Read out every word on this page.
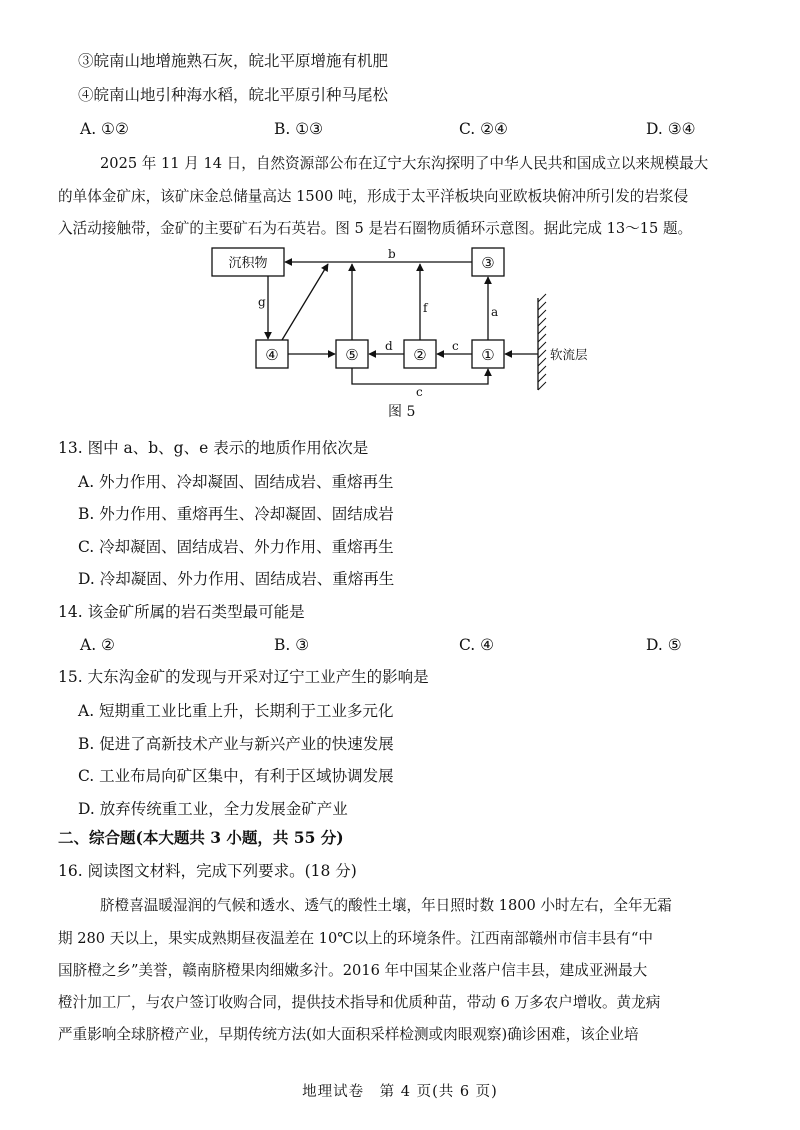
③皖南山地增施熟石灰，皖北平原增施有机肥
④皖南山地引种海水稻，皖北平原引种马尾松
A. ①②	B. ①③	C. ②④	D. ③④
2025 年 11 月 14 日，自然资源部公布在辽宁大东沟探明了中华人民共和国成立以来规模最大
的单体金矿床，该矿床金总储量高达 1500 吨，形成于太平洋板块向亚欧板块俯冲所引发的岩浆侵
入活动接触带，金矿的主要矿石为石英岩。图 5 是岩石圈物质循环示意图。据此完成 13～15 题。
沉积物	③
④	⑤	②	①
b
g	f	a
d	c
c
软流层
图 5
13. 图中 a、b、g、e 表示的地质作用依次是
A. 外力作用、冷却凝固、固结成岩、重熔再生
B. 外力作用、重熔再生、冷却凝固、固结成岩
C. 冷却凝固、固结成岩、外力作用、重熔再生
D. 冷却凝固、外力作用、固结成岩、重熔再生
14. 该金矿所属的岩石类型最可能是
A. ②	B. ③	C. ④	D. ⑤
15. 大东沟金矿的发现与开采对辽宁工业产生的影响是
A. 短期重工业比重上升，长期利于工业多元化
B. 促进了高新技术产业与新兴产业的快速发展
C. 工业布局向矿区集中，有利于区域协调发展
D. 放弃传统重工业，全力发展金矿产业
二、综合题(本大题共 3 小题，共 55 分)
16. 阅读图文材料，完成下列要求。(18 分)
脐橙喜温暖湿润的气候和透水、透气的酸性土壤，年日照时数 1800 小时左右，全年无霜
期 280 天以上，果实成熟期昼夜温差在 10℃以上的环境条件。江西南部赣州市信丰县有“中
国脐橙之乡”美誉，赣南脐橙果肉细嫩多汁。2016 年中国某企业落户信丰县，建成亚洲最大
橙汁加工厂，与农户签订收购合同，提供技术指导和优质种苗，带动 6 万多农户增收。黄龙病
严重影响全球脐橙产业，早期传统方法(如大面积采样检测或肉眼观察)确诊困难，该企业培
地理试卷　第 4 页(共 6 页)
